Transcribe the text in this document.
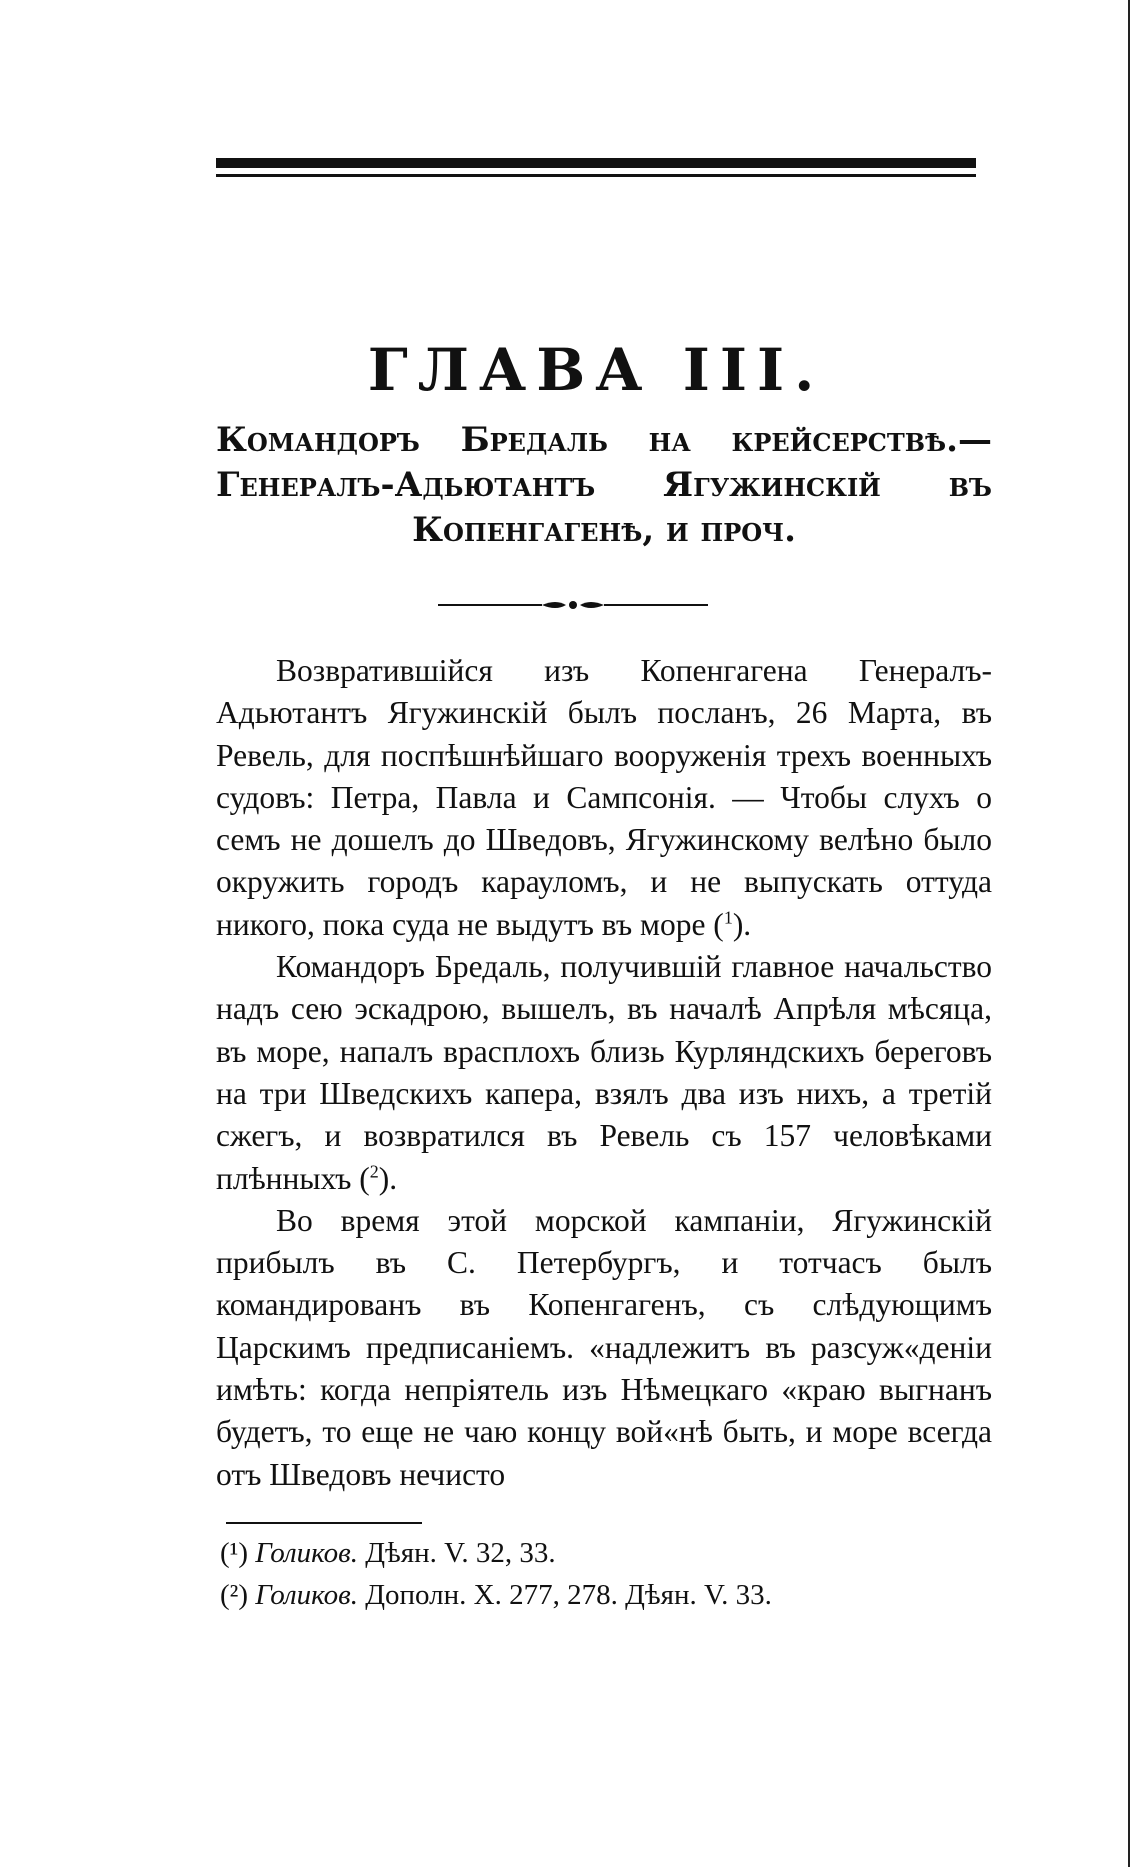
ГЛАВА III.
Командоръ Бредаль на крейсерствѣ.—Генералъ-Адьютантъ Ягужинскій въ Копенгагенѣ, и проч.

Возвратившійся изъ Копенгагена Генералъ-Адьютантъ Ягужинскій былъ посланъ, 26 Марта, въ Ревель, для поспѣшнѣйшаго вооруженія трехъ военныхъ судовъ: Петра, Павла и Сампсонія. — Чтобы слухъ о семъ не дошелъ до Шведовъ, Ягужинскому велѣно было окружить городъ карауломъ, и не выпускать оттуда никого, пока суда не выдутъ въ море ($^1$).

Командоръ Бредаль, получившій главное начальство надъ сею эскадрою, вышелъ, въ началѣ Апрѣля мѣсяца, въ море, напалъ врасплохъ близь Курляндскихъ береговъ на три Шведскихъ капера, взялъ два изъ нихъ, а третій сжегъ, и возвратился въ Ревель съ 157 человѣками плѣнныхъ ($^2$).

Во время этой морской кампаніи, Ягужинскій прибылъ въ С. Петербургъ, и тотчасъ былъ командированъ въ Копенгагенъ, съ слѣдующимъ Царскимъ предписаніемъ. «надлежитъ въ разсуж«деніи имѣть: когда непріятель изъ Нѣмецкаго «краю выгнанъ будетъ, то еще не чаю концу вой«нѣ быть, и море всегда отъ Шведовъ нечисто

(¹) Голиков. Дѣян. V. 32, 33.
(²) Голиков. Дополн. X. 277, 278. Дѣян. V. 33.
